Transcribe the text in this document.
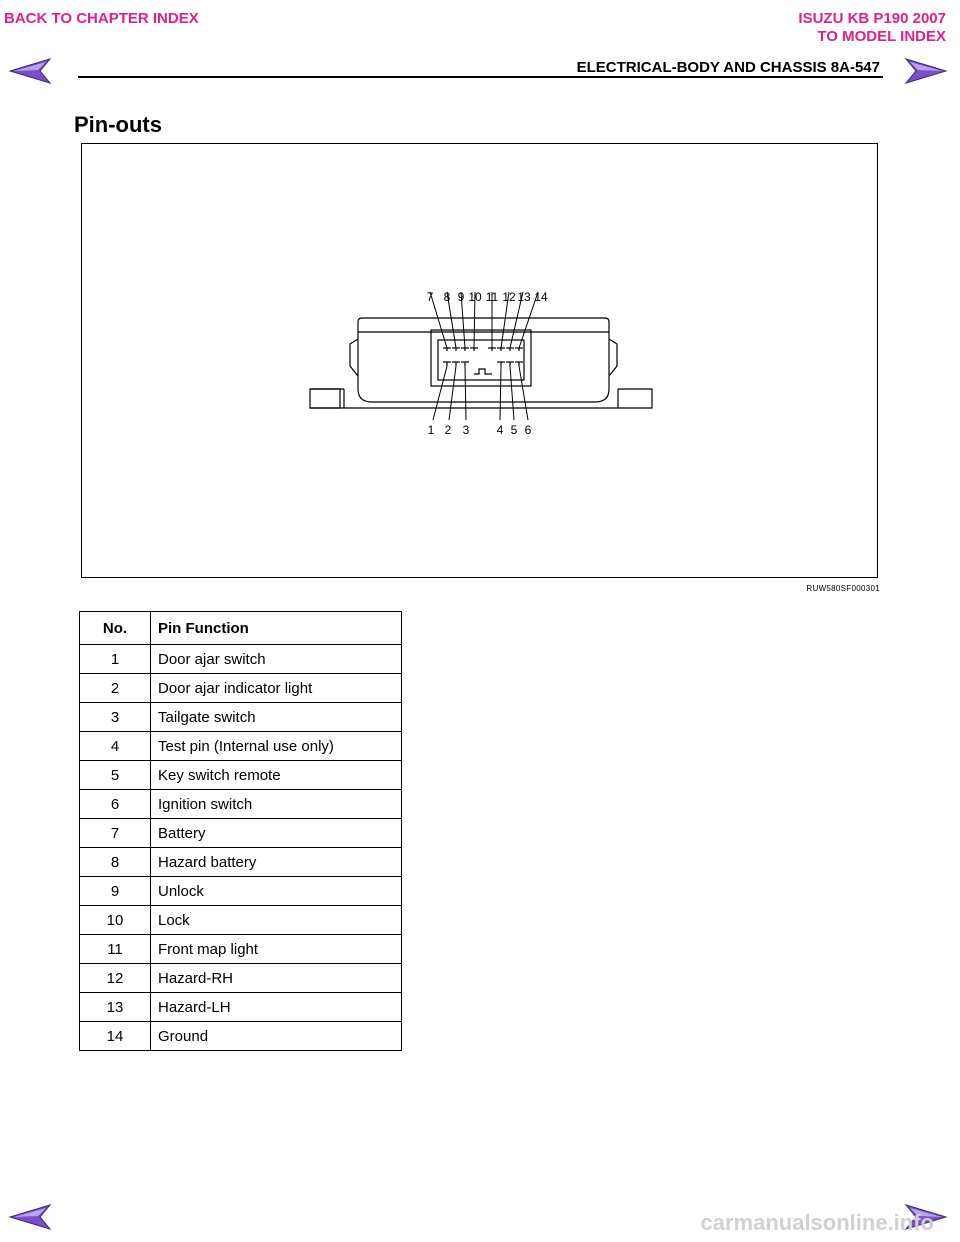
BACK TO CHAPTER INDEX	ISUZU KB P190 2007
TO MODEL INDEX
ELECTRICAL-BODY AND CHASSIS 8A-547
Pin-outs
7 8 9 10 11 12 13 14
1 2 3 4 5 6
RUW580SF000301
No.	Pin Function
1	Door ajar switch
2	Door ajar indicator light
3	Tailgate switch
4	Test pin (Internal use only)
5	Key switch remote
6	Ignition switch
7	Battery
8	Hazard battery
9	Unlock
10	Lock
11	Front map light
12	Hazard-RH
13	Hazard-LH
14	Ground
carmanualsonline.info
